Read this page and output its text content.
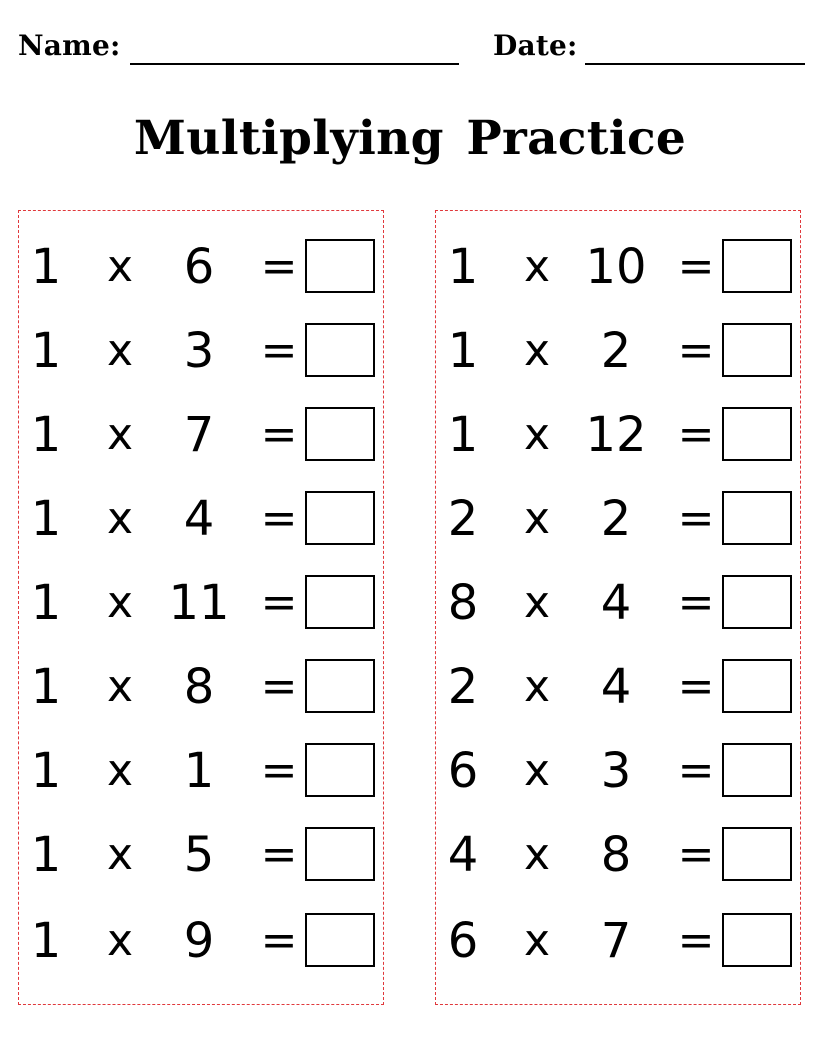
Name:	Date:
Multiplying Practice
1 x	6	=
1 x	3	=
1 x	7	=
1 x	4	=
1 x 11 =
1 x	8	=
1 x	1	=
1 x	5	=
1 x	9	=
1 x 10 =
1 x	2	=
1 x 12 =
2 x	2	=
8 x	4	=
2 x	4	=
6 x	3	=
4 x	8	=
6 x	7	=
